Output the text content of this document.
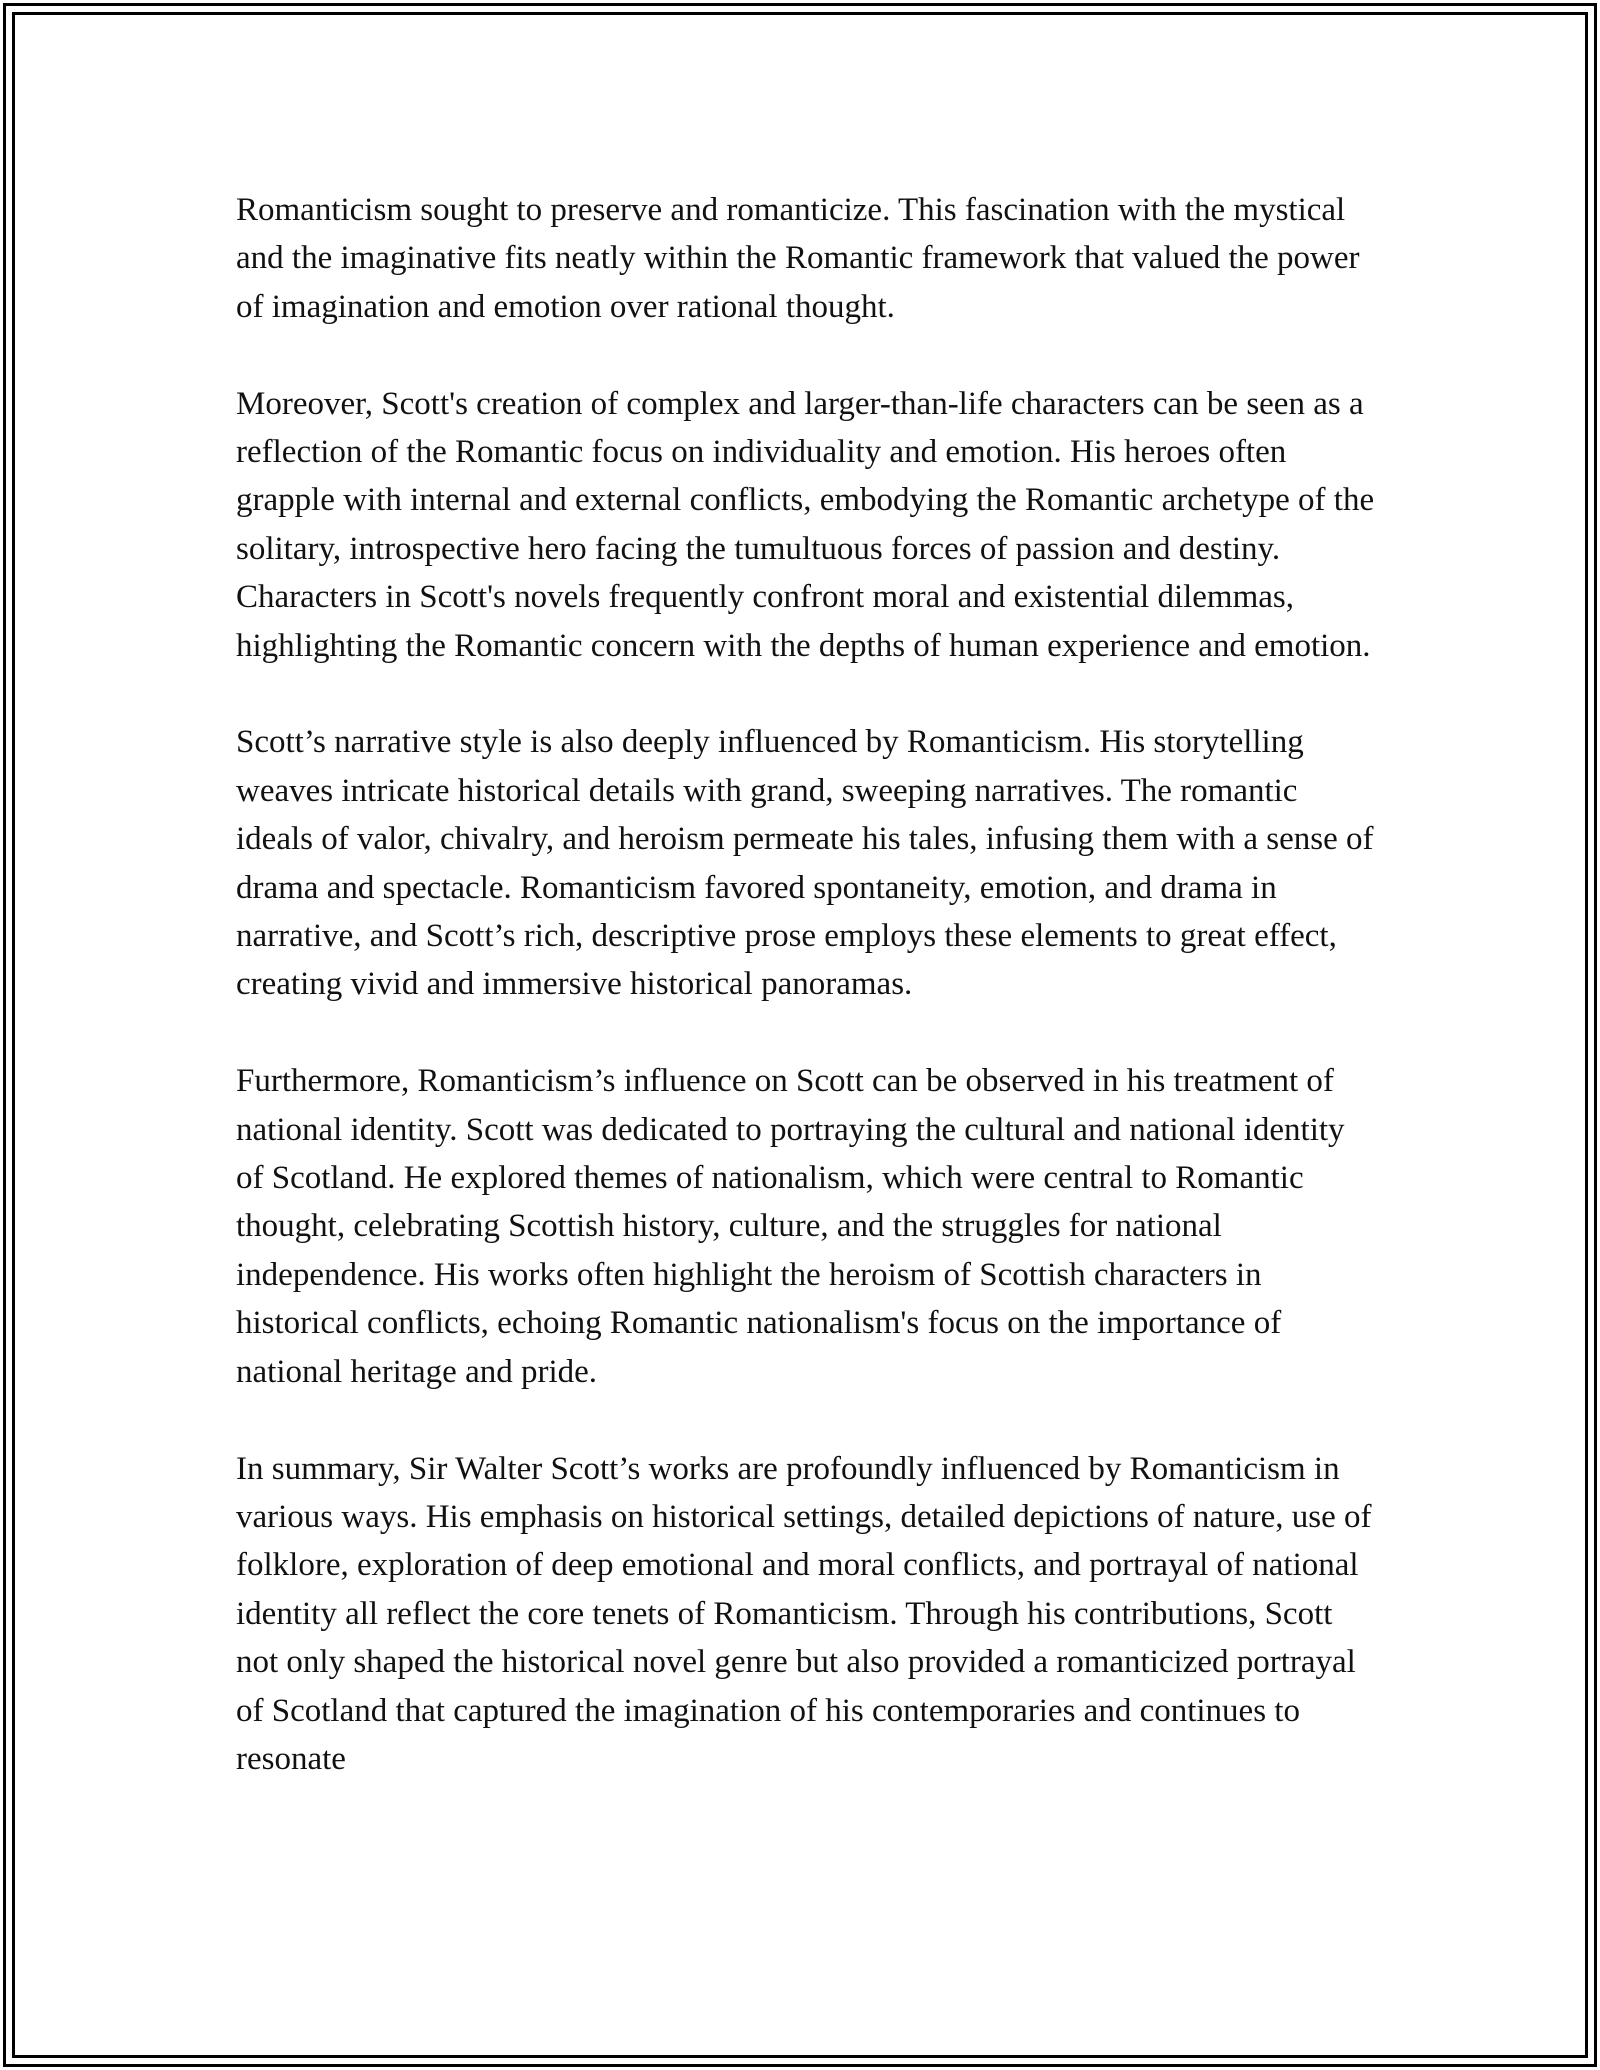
Romanticism sought to preserve and romanticize. This fascination with the mystical and the imaginative fits neatly within the Romantic framework that valued the power of imagination and emotion over rational thought.

Moreover, Scott's creation of complex and larger-than-life characters can be seen as a reflection of the Romantic focus on individuality and emotion. His heroes often grapple with internal and external conflicts, embodying the Romantic archetype of the solitary, introspective hero facing the tumultuous forces of passion and destiny. Characters in Scott's novels frequently confront moral and existential dilemmas, highlighting the Romantic concern with the depths of human experience and emotion.

Scott’s narrative style is also deeply influenced by Romanticism. His storytelling weaves intricate historical details with grand, sweeping narratives. The romantic ideals of valor, chivalry, and heroism permeate his tales, infusing them with a sense of drama and spectacle. Romanticism favored spontaneity, emotion, and drama in narrative, and Scott’s rich, descriptive prose employs these elements to great effect, creating vivid and immersive historical panoramas.

Furthermore, Romanticism’s influence on Scott can be observed in his treatment of national identity. Scott was dedicated to portraying the cultural and national identity of Scotland. He explored themes of nationalism, which were central to Romantic thought, celebrating Scottish history, culture, and the struggles for national independence. His works often highlight the heroism of Scottish characters in historical conflicts, echoing Romantic nationalism's focus on the importance of national heritage and pride.

In summary, Sir Walter Scott’s works are profoundly influenced by Romanticism in various ways. His emphasis on historical settings, detailed depictions of nature, use of folklore, exploration of deep emotional and moral conflicts, and portrayal of national identity all reflect the core tenets of Romanticism. Through his contributions, Scott not only shaped the historical novel genre but also provided a romanticized portrayal of Scotland that captured the imagination of his contemporaries and continues to resonate
